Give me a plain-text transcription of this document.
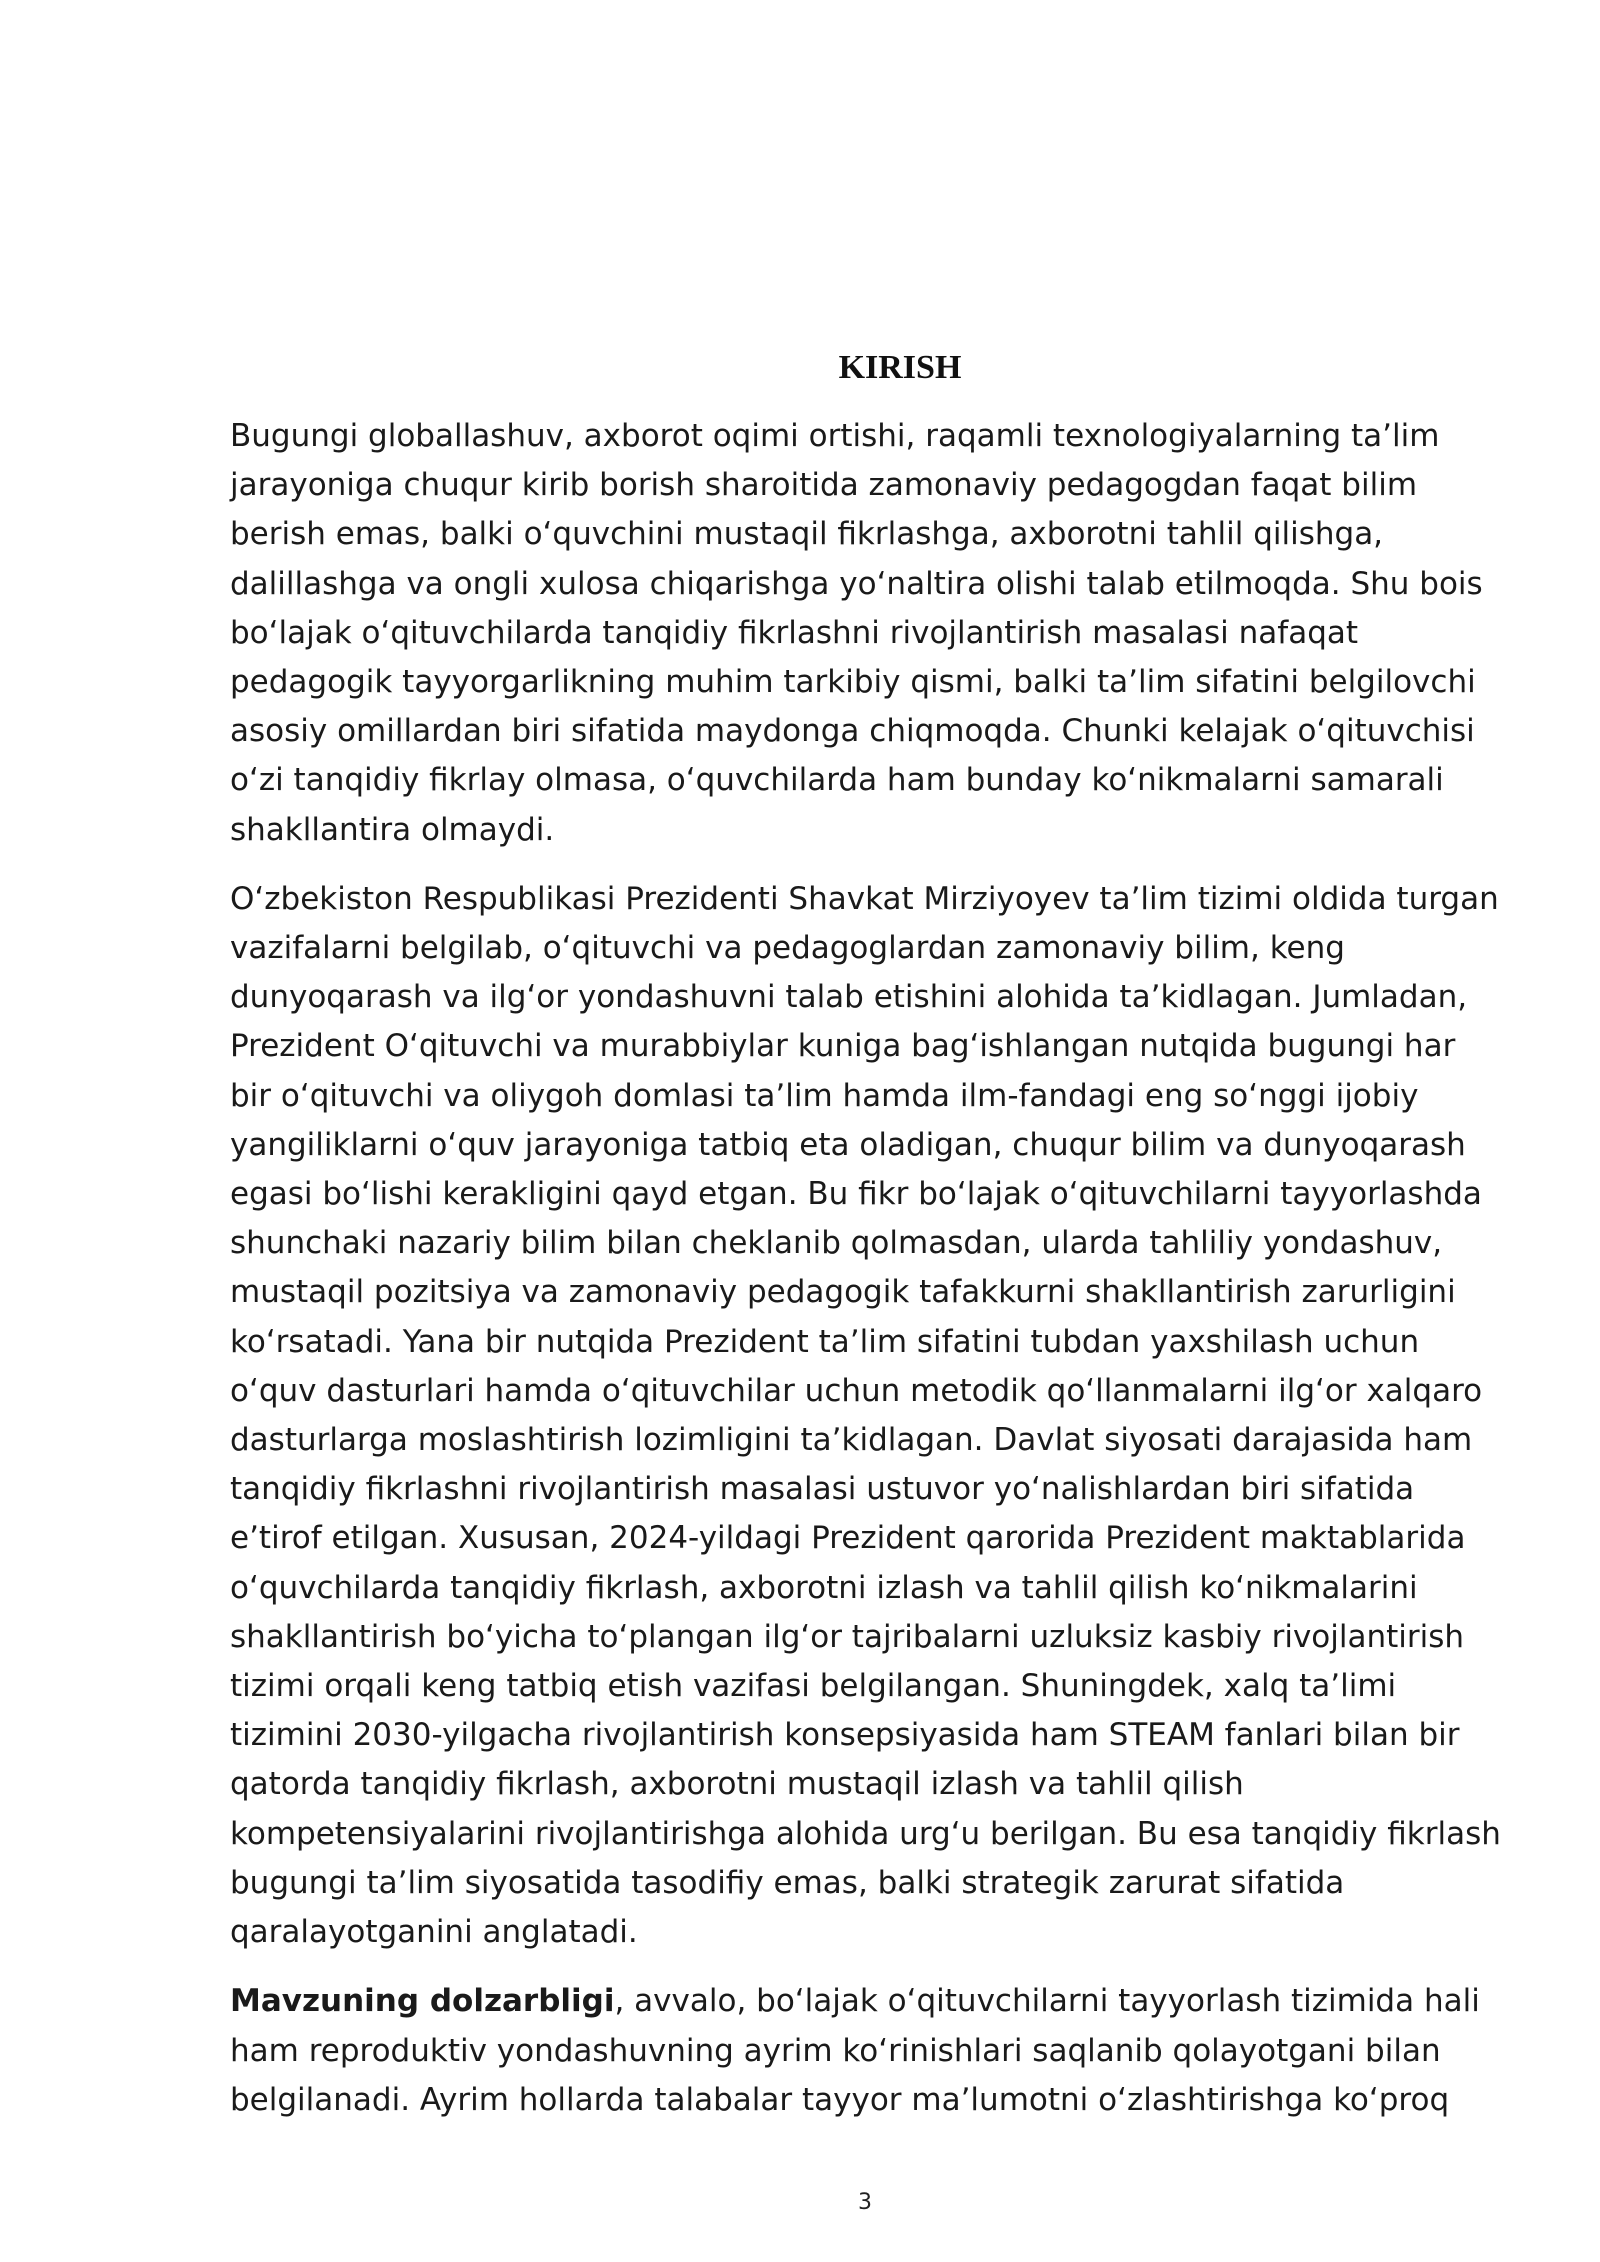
KIRISH

Bugungi globallashuv, axborot oqimi ortishi, raqamli texnologiyalarning ta’lim jarayoniga chuqur kirib borish sharoitida zamonaviy pedagogdan faqat bilim berish emas, balki o‘quvchini mustaqil fikrlashga, axborotni tahlil qilishga, dalillashga va ongli xulosa chiqarishga yo‘naltira olishi talab etilmoqda. Shu bois bo‘lajak o‘qituvchilarda tanqidiy fikrlashni rivojlantirish masalasi nafaqat pedagogik tayyorgarlikning muhim tarkibiy qismi, balki ta’lim sifatini belgilovchi asosiy omillardan biri sifatida maydonga chiqmoqda. Chunki kelajak o‘qituvchisi o‘zi tanqidiy fikrlay olmasa, o‘quvchilarda ham bunday ko‘nikmalarni samarali shakllantira olmaydi.

O‘zbekiston Respublikasi Prezidenti Shavkat Mirziyoyev ta’lim tizimi oldida turgan vazifalarni belgilab, o‘qituvchi va pedagoglardan zamonaviy bilim, keng dunyoqarash va ilg‘or yondashuvni talab etishini alohida ta’kidlagan. Jumladan, Prezident O‘qituvchi va murabbiylar kuniga bag‘ishlangan nutqida bugungi har bir o‘qituvchi va oliygoh domlasi ta’lim hamda ilm-fandagi eng so‘nggi ijobiy yangiliklarni o‘quv jarayoniga tatbiq eta oladigan, chuqur bilim va dunyoqarash egasi bo‘lishi kerakligini qayd etgan. Bu fikr bo‘lajak o‘qituvchilarni tayyorlashda shunchaki nazariy bilim bilan cheklanib qolmasdan, ularda tahliliy yondashuv, mustaqil pozitsiya va zamonaviy pedagogik tafakkurni shakllantirish zarurligini ko‘rsatadi. Yana bir nutqida Prezident ta’lim sifatini tubdan yaxshilash uchun o‘quv dasturlari hamda o‘qituvchilar uchun metodik qo‘llanmalarni ilg‘or xalqaro dasturlarga moslashtirish lozimligini ta’kidlagan. Davlat siyosati darajasida ham tanqidiy fikrlashni rivojlantirish masalasi ustuvor yo‘nalishlardan biri sifatida e’tirof etilgan. Xususan, 2024-yildagi Prezident qarorida Prezident maktablarida o‘quvchilarda tanqidiy fikrlash, axborotni izlash va tahlil qilish ko‘nikmalarini shakllantirish bo‘yicha to‘plangan ilg‘or tajribalarni uzluksiz kasbiy rivojlantirish tizimi orqali keng tatbiq etish vazifasi belgilangan. Shuningdek, xalq ta’limi tizimini 2030-yilgacha rivojlantirish konsepsiyasida ham STEAM fanlari bilan bir qatorda tanqidiy fikrlash, axborotni mustaqil izlash va tahlil qilish kompetensiyalarini rivojlantirishga alohida urg‘u berilgan. Bu esa tanqidiy fikrlash bugungi ta’lim siyosatida tasodifiy emas, balki strategik zarurat sifatida qaralayotganini anglatadi.

Mavzuning dolzarbligi, avvalo, bo‘lajak o‘qituvchilarni tayyorlash tizimida hali ham reproduktiv yondashuvning ayrim ko‘rinishlari saqlanib qolayotgani bilan belgilanadi. Ayrim hollarda talabalar tayyor ma’lumotni o‘zlashtirishga ko‘proq

3
